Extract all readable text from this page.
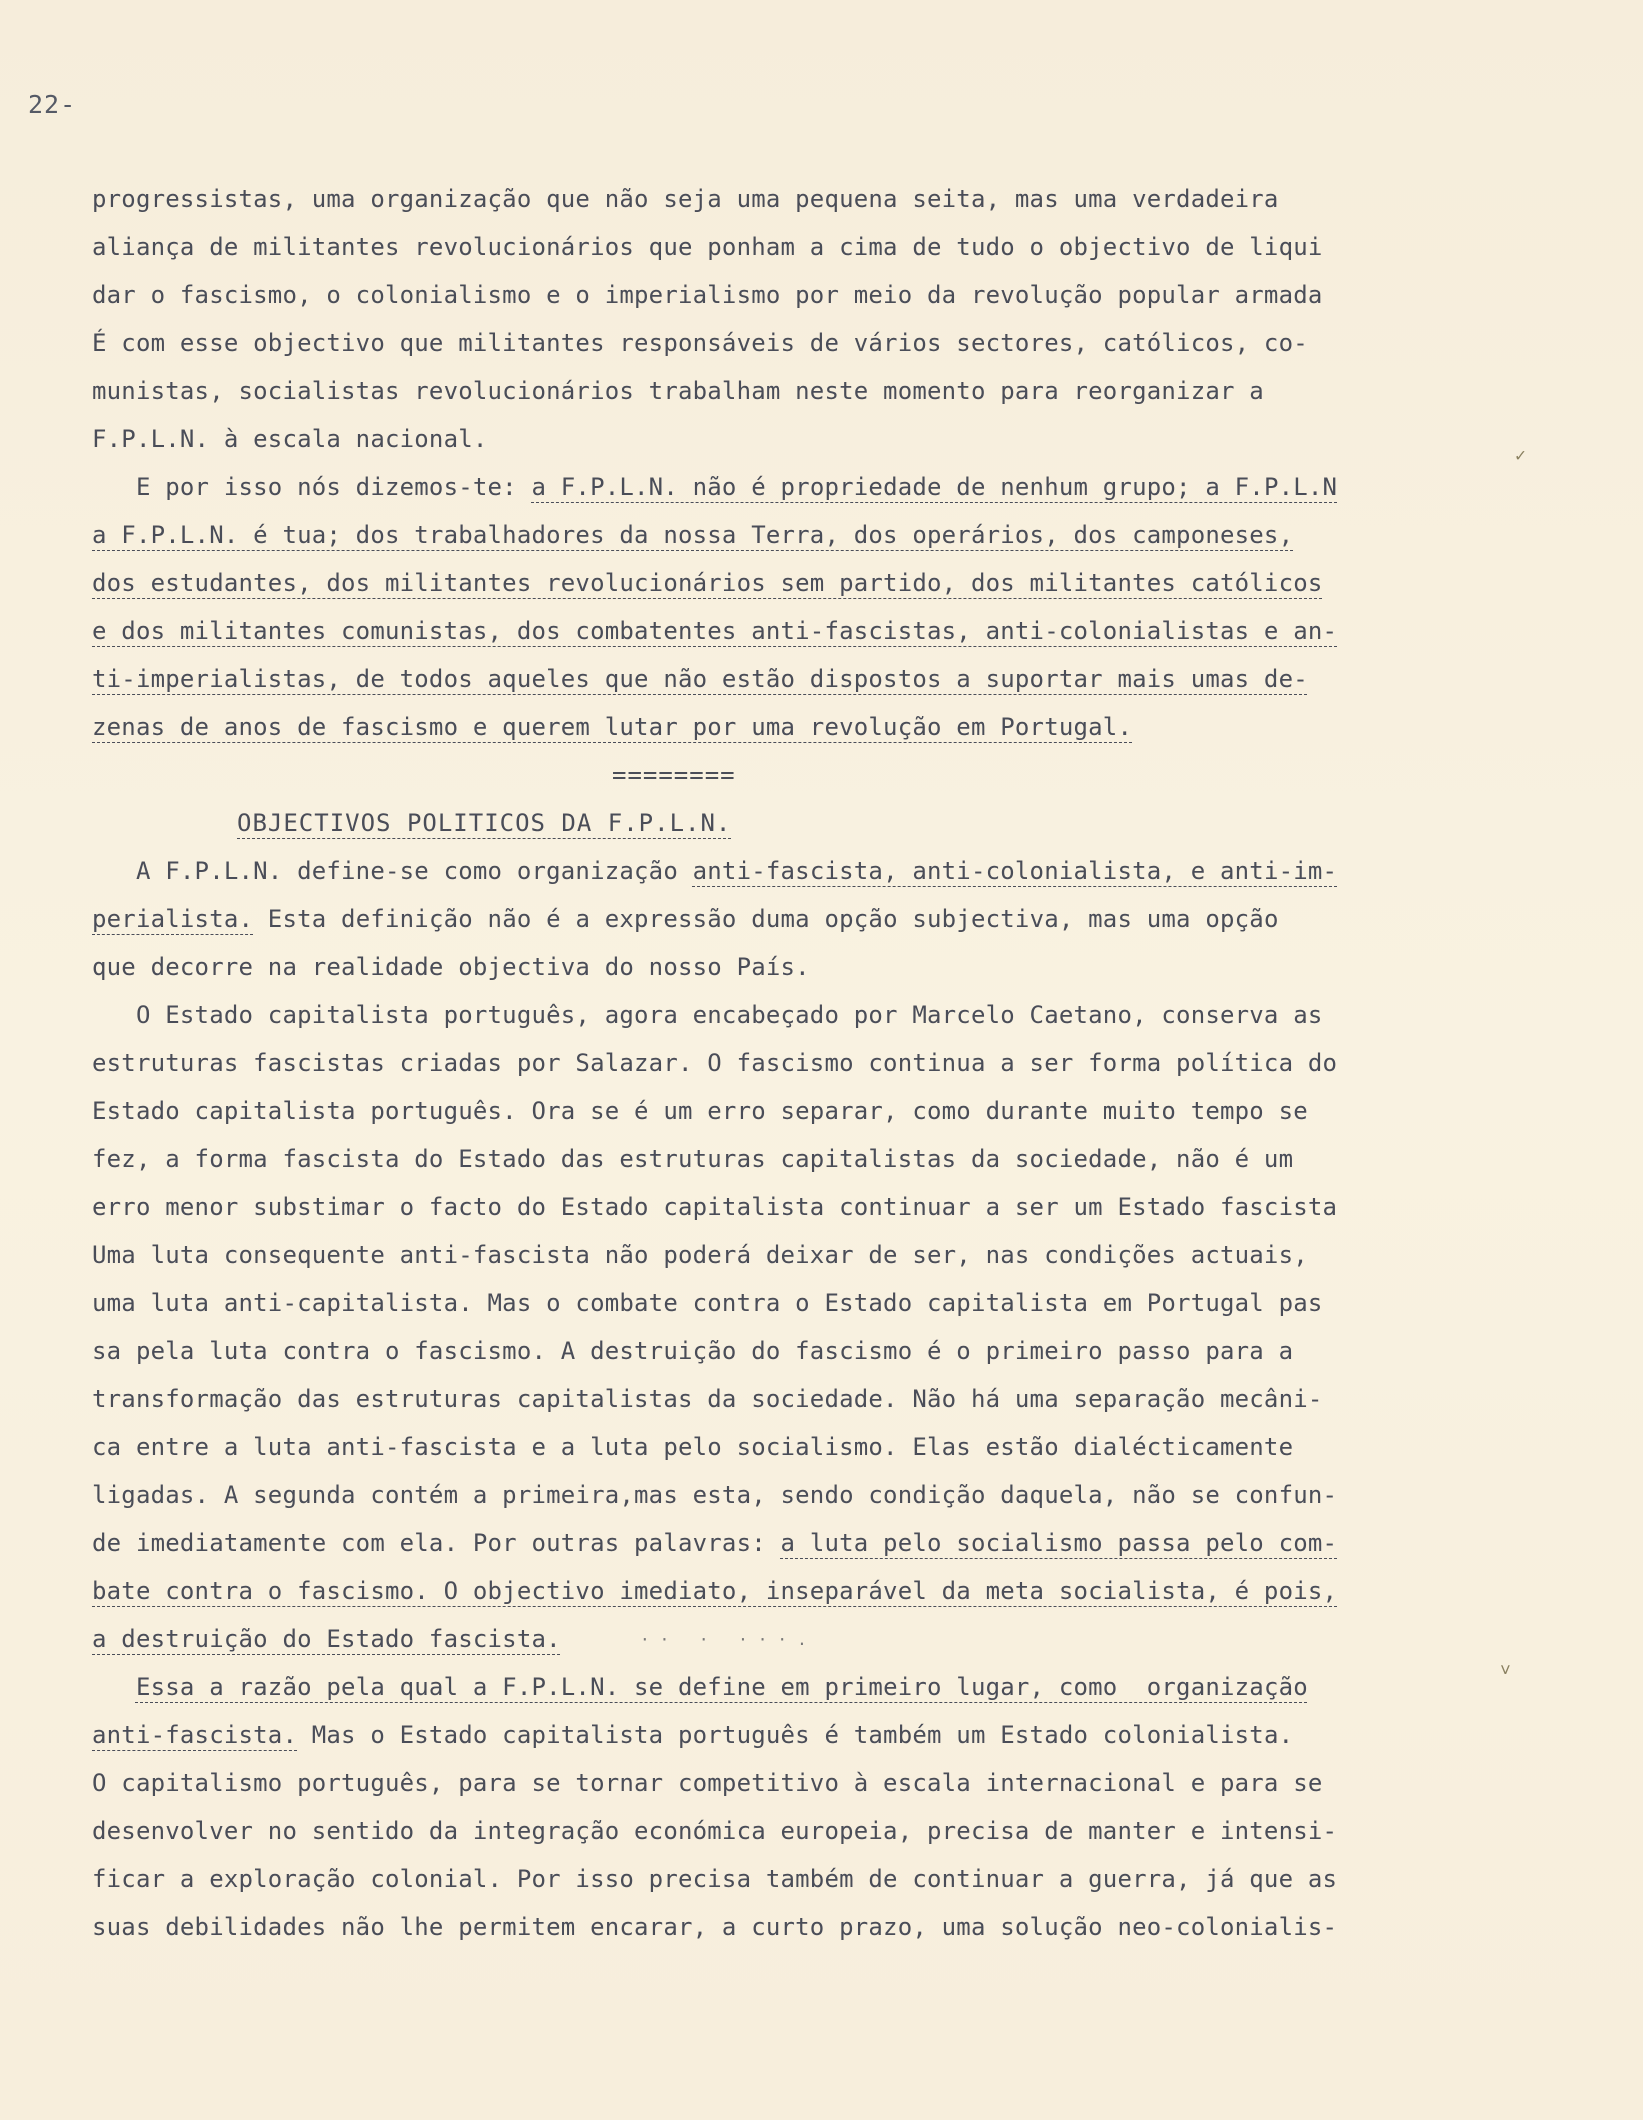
22 -
progressistas, uma organização que não seja uma pequena seita, mas uma verdadeira
aliança de militantes revolucionários que ponham a cima de tudo o objectivo de liqui
dar o fascismo, o colonialismo e o imperialismo por meio da revolução popular armada
É com esse objectivo que militantes responsáveis de vários sectores, católicos, co-
munistas, socialistas revolucionários trabalham neste momento para reorganizar a
F.P.L.N. à escala nacional.
E por isso nós dizemos-te: a F.P.L.N. não é propriedade de nenhum grupo; a F.P.L.N
a F.P.L.N. é tua; dos trabalhadores da nossa Terra, dos operários, dos camponeses,
dos estudantes, dos militantes revolucionários sem partido, dos militantes católicos
e dos militantes comunistas, dos combatentes anti-fascistas, anti-colonialistas e an-
ti-imperialistas, de todos aqueles que não estão dispostos a suportar mais umas de-
zenas de anos de fascismo e querem lutar por uma revolução em Portugal.
========
OBJECTIVOS POLITICOS DA F.P.L.N.
A F.P.L.N. define-se como organização anti-fascista, anti-colonialista, e anti-im-
perialista. Esta definição não é a expressão duma opção subjectiva, mas uma opção
que decorre na realidade objectiva do nosso País.
O Estado capitalista português, agora encabeçado por Marcelo Caetano, conserva as
estruturas fascistas criadas por Salazar. O fascismo continua a ser forma política do
Estado capitalista português. Ora se é um erro separar, como durante muito tempo se
fez, a forma fascista do Estado das estruturas capitalistas da sociedade, não é um
erro menor substimar o facto do Estado capitalista continuar a ser um Estado fascista
Uma luta consequente anti-fascista não poderá deixar de ser, nas condições actuais,
uma luta anti-capitalista. Mas o combate contra o Estado capitalista em Portugal pas
sa pela luta contra o fascismo. A destruição do fascismo é o primeiro passo para a
transformação das estruturas capitalistas da sociedade. Não há uma separação mecâni-
ca entre a luta anti-fascista e a luta pelo socialismo. Elas estão dialécticamente
ligadas. A segunda contém a primeira,mas esta, sendo condição daquela, não se confun-
de imediatamente com ela. Por outras palavras: a luta pelo socialismo passa pelo com-
bate contra o fascismo. O objectivo imediato, inseparável da meta socialista, é pois,
a destruição do Estado fascista.
Essa a razão pela qual a F.P.L.N. se define em primeiro lugar, como  organização
anti-fascista. Mas o Estado capitalista português é também um Estado colonialista.
O capitalismo português, para se tornar competitivo à escala internacional e para se
desenvolver no sentido da integração económica europeia, precisa de manter e intensi-
ficar a exploração colonial. Por isso precisa também de continuar a guerra, já que as
suas debilidades não lhe permitem encarar, a curto prazo, uma solução neo-colonialis-
✓
˅
·· · ···.
